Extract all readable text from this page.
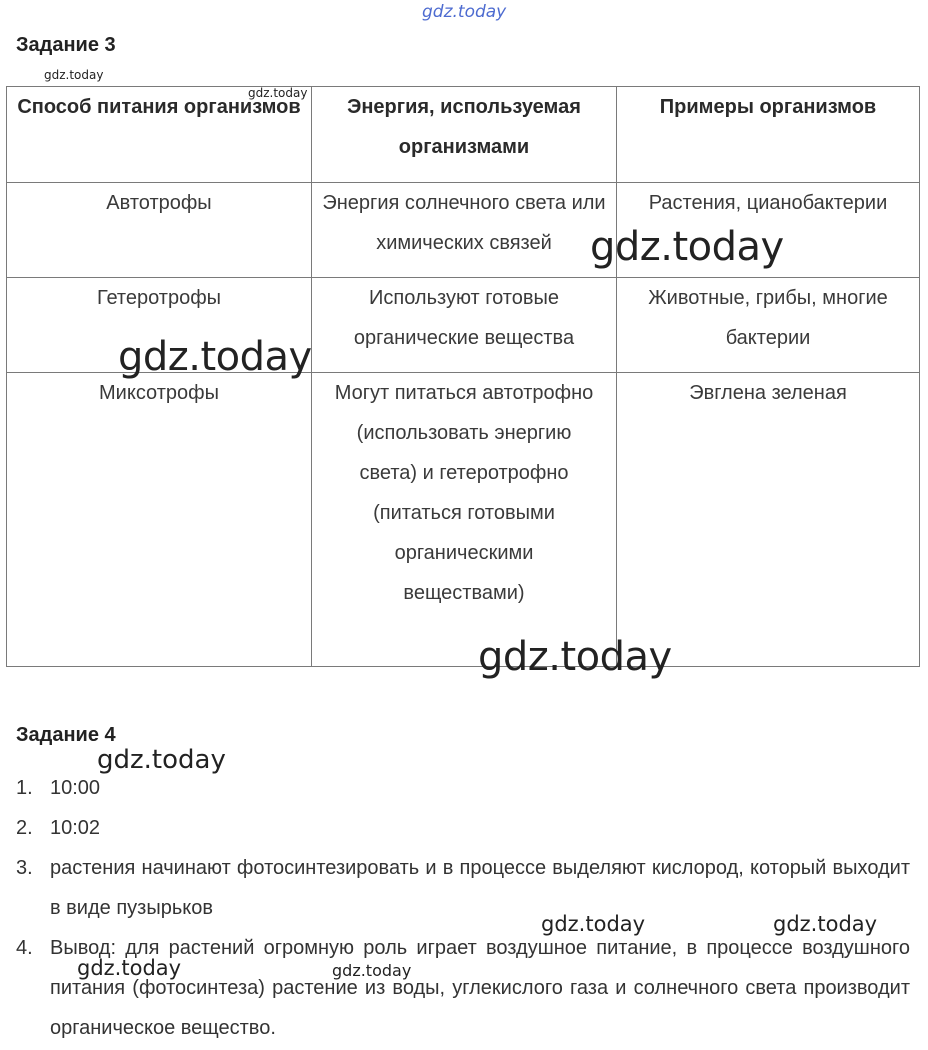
Задание 3
Способ питания организмов	Энергия, используемая организмами	Примеры организмов
Автотрофы	Энергия солнечного света или химических связей	Растения, цианобактерии
Гетеротрофы	Используют готовые органические вещества	Животные, грибы, многие бактерии
Миксотрофы	Могут питаться автотрофно (использовать энергию света) и гетеротрофно (питаться готовыми органическими веществами)	Эвглена зеленая
Задание 4
1. 10:00
2. 10:02
3. растения начинают фотосинтезировать и в процессе выделяют кислород, который выходит в виде пузырьков
4. Вывод: для растений огромную роль играет воздушное питание, в процессе воздушного питания (фотосинтеза) растение из воды, углекислого газа и солнечного света производит органическое вещество.
gdz.today
gdz.today
gdz.today
gdz.today
gdz.today
gdz.today
gdz.today
gdz.today	gdz.today
gdz.today	gdz.today
